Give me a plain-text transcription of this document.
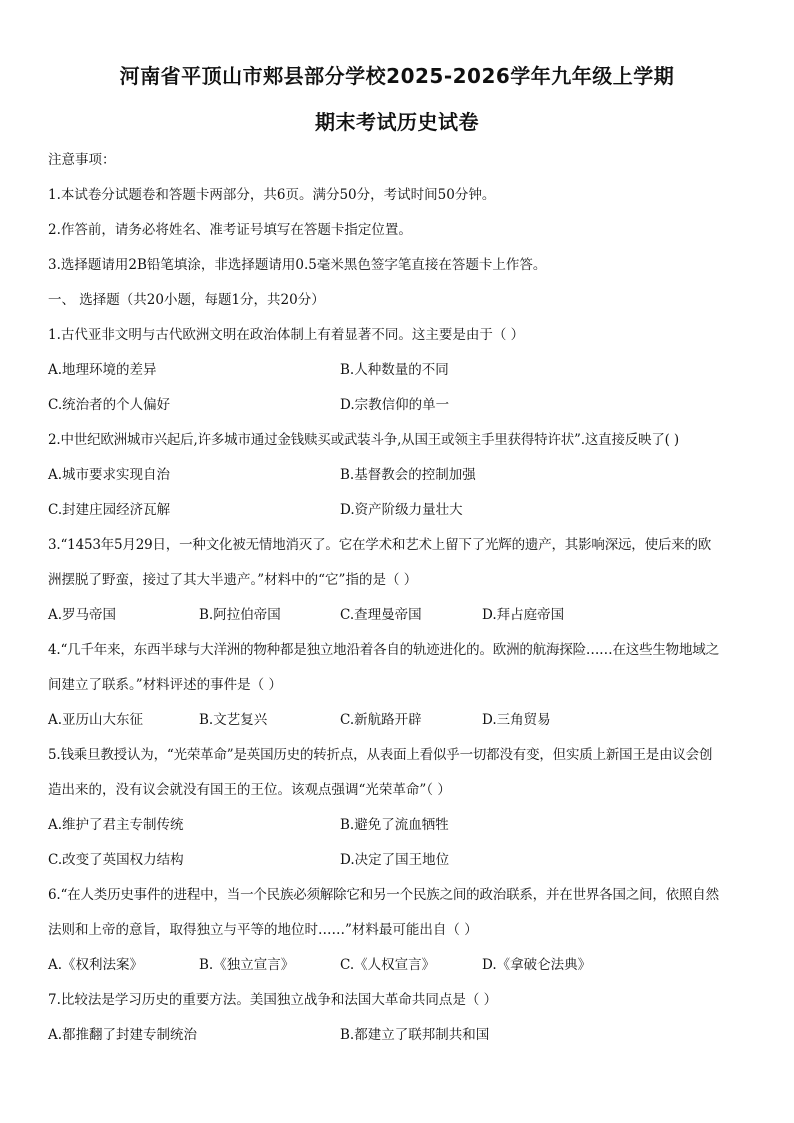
河南省平顶山市郏县部分学校2025-2026学年九年级上学期
期末考试历史试卷
注意事项：
1.本试卷分试题卷和答题卡两部分，共6页。满分50分，考试时间50分钟。
2.作答前，请务必将姓名、准考证号填写在答题卡指定位置。
3.选择题请用2B铅笔填涂，非选择题请用0.5毫米黑色签字笔直接在答题卡上作答。
一、 选择题（共20小题，每题1分，共20分）
1.古代亚非文明与古代欧洲文明在政治体制上有着显著不同。这主要是由于（ ）
A.地理环境的差异	B.人种数量的不同
C.统治者的个人偏好	D.宗教信仰的单一
2.中世纪欧洲城市兴起后,许多城市通过金钱赎买或武装斗争,从国王或领主手里获得特许状”.这直接反映了( )
A.城市要求实现自治	B.基督教会的控制加强
C.封建庄园经济瓦解	D.资产阶级力量壮大
3.“1453年5月29日，一种文化被无情地消灭了。它在学术和艺术上留下了光辉的遗产，其影响深远，使后来的欧
洲摆脱了野蛮，接过了其大半遗产。”材料中的“它”指的是（ ）
A.罗马帝国	B.阿拉伯帝国	C.查理曼帝国	D.拜占庭帝国
4.“几千年来，东西半球与大洋洲的物种都是独立地沿着各自的轨迹进化的。欧洲的航海探险……在这些生物地域之
间建立了联系。”材料评述的事件是（ ）
A.亚历山大东征	B.文艺复兴	C.新航路开辟	D.三角贸易
5.钱乘旦教授认为，“光荣革命”是英国历史的转折点，从表面上看似乎一切都没有变，但实质上新国王是由议会创
造出来的，没有议会就没有国王的王位。该观点强调“光荣革命”（ ）
A.维护了君主专制传统	B.避免了流血牺牲
C.改变了英国权力结构	D.决定了国王地位
6.“在人类历史事件的进程中，当一个民族必须解除它和另一个民族之间的政治联系，并在世界各国之间，依照自然
法则和上帝的意旨，取得独立与平等的地位时……”材料最可能出自（ ）
A.《权利法案》	B.《独立宣言》	C.《人权宣言》	D.《拿破仑法典》
7.比较法是学习历史的重要方法。美国独立战争和法国大革命共同点是（ ）
A.都推翻了封建专制统治	B.都建立了联邦制共和国
